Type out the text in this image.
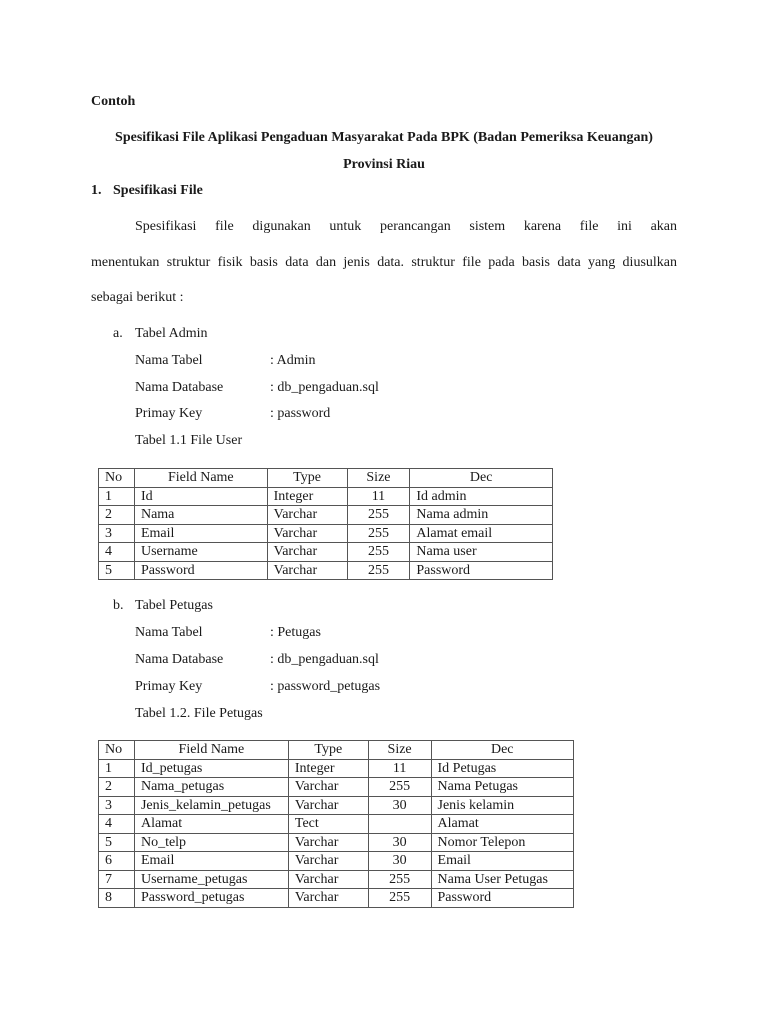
Contoh
Spesifikasi File Aplikasi Pengaduan Masyarakat Pada BPK (Badan Pemeriksa Keuangan)
Provinsi Riau
1. Spesifikasi File
Spesifikasi file digunakan untuk perancangan sistem karena file ini akan
menentukan struktur fisik basis data dan jenis data. struktur file pada basis data yang diusulkan
sebagai berikut :
a. Tabel Admin
Nama Tabel	: Admin
Nama Database	: db_pengaduan.sql
Primay Key	: password
Tabel 1.1 File User
No	Field Name	Type	Size	Dec
1	Id	Integer	11	Id admin
2	Nama	Varchar	255	Nama admin
3	Email	Varchar	255	Alamat email
4	Username	Varchar	255	Nama user
5	Password	Varchar	255	Password
b. Tabel Petugas
Nama Tabel	: Petugas
Nama Database	: db_pengaduan.sql
Primay Key	: password_petugas
Tabel 1.2. File Petugas
No	Field Name	Type	Size	Dec
1	Id_petugas	Integer	11	Id Petugas
2	Nama_petugas	Varchar	255	Nama Petugas
3	Jenis_kelamin_petugas	Varchar	30	Jenis kelamin
4	Alamat	Tect		Alamat
5	No_telp	Varchar	30	Nomor Telepon
6	Email	Varchar	30	Email
7	Username_petugas	Varchar	255	Nama User Petugas
8	Password_petugas	Varchar	255	Password
